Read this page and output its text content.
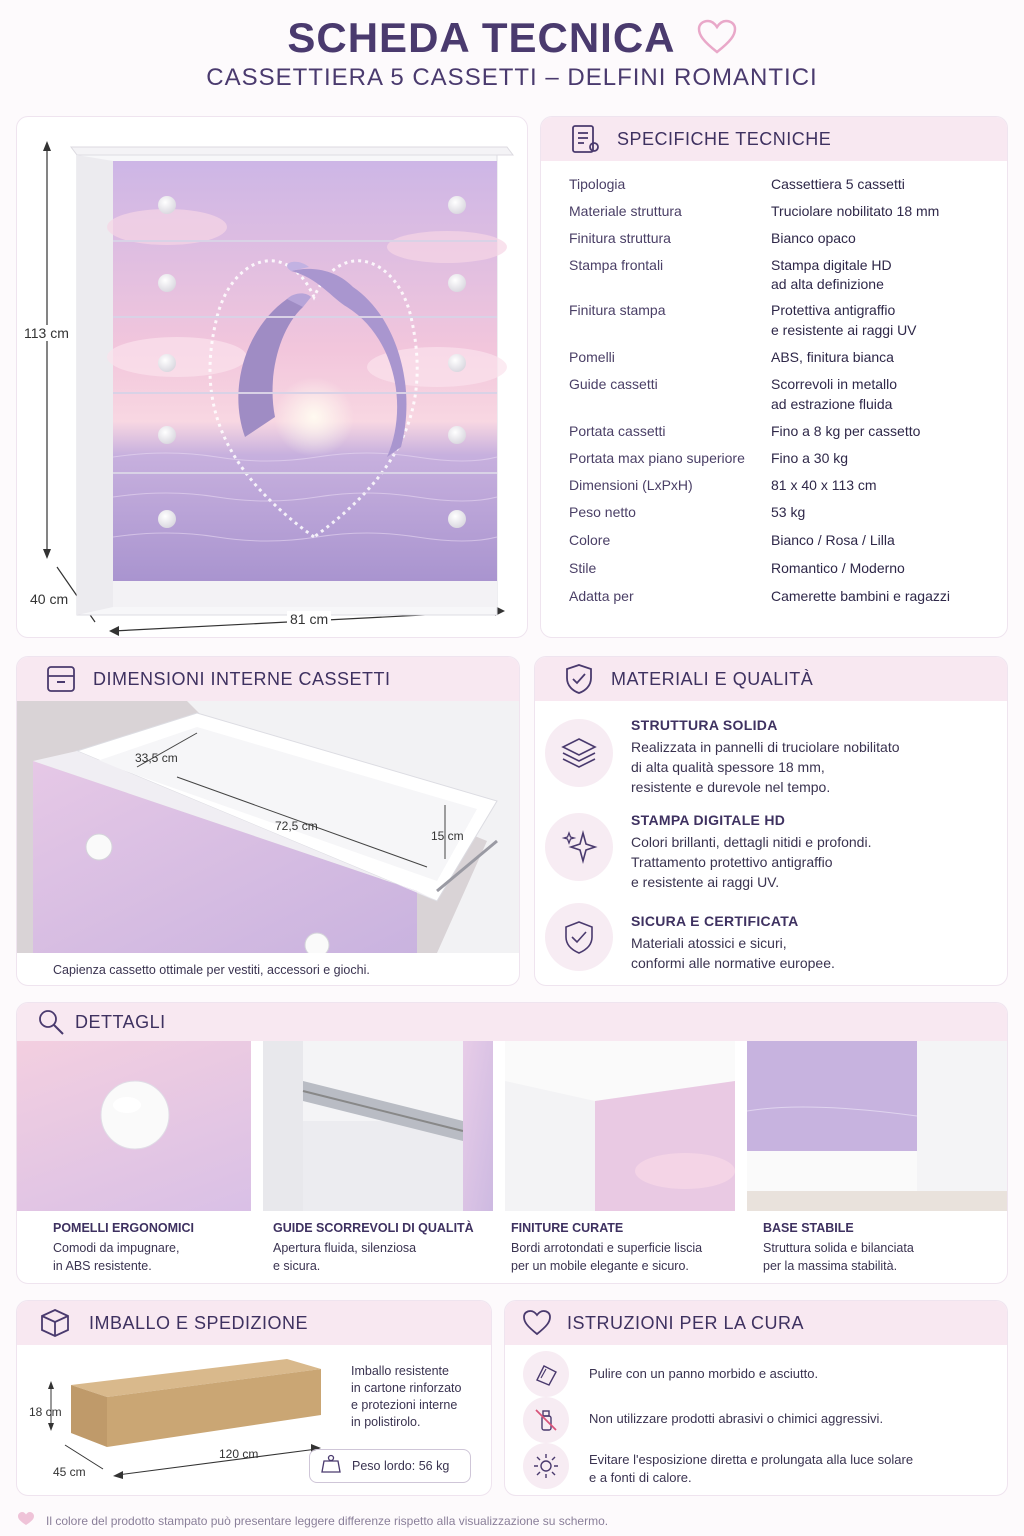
SCHEDA TECNICA
CASSETTIERA 5 CASSETTI – DELFINI ROMANTICI
113 cm
40 cm
81 cm
SPECIFICHE TECNICHE
Tipologia	Cassettiera 5 cassetti
Materiale struttura	Truciolare nobilitato 18 mm
Finitura struttura	Bianco opaco
Stampa frontali	Stampa digitale HD
ad alta definizione
Finitura stampa	Protettiva antigraffio
e resistente ai raggi UV
Pomelli	ABS, finitura bianca
Guide cassetti	Scorrevoli in metallo
ad estrazione fluida
Portata cassetti	Fino a 8 kg per cassetto
Portata max piano superiore	Fino a 30 kg
Dimensioni (LxPxH)	81 x 40 x 113 cm
Peso netto	53 kg
Colore	Bianco / Rosa / Lilla
Stile	Romantico / Moderno
Adatta per	Camerette bambini e ragazzi
DIMENSIONI INTERNE CASSETTI
33,5 cm
72,5 cm
15 cm
Capienza cassetto ottimale per vestiti, accessori e giochi.
MATERIALI E QUALITÀ
STRUTTURA SOLIDA
Realizzata in pannelli di truciolare nobilitato
di alta qualità spessore 18 mm,
resistente e durevole nel tempo.
STAMPA DIGITALE HD
Colori brillanti, dettagli nitidi e profondi.
Trattamento protettivo antigraffio
e resistente ai raggi UV.
SICURA E CERTIFICATA
Materiali atossici e sicuri,
conformi alle normative europee.
DETTAGLI
POMELLI ERGONOMICI
Comodi da impugnare,
in ABS resistente.
GUIDE SCORREVOLI DI QUALITÀ
Apertura fluida, silenziosa
e sicura.
FINITURE CURATE
Bordi arrotondati e superficie liscia
per un mobile elegante e sicuro.
BASE STABILE
Struttura solida e bilanciata
per la massima stabilità.
IMBALLO E SPEDIZIONE
18 cm
45 cm
120 cm
Imballo resistente
in cartone rinforzato
e protezioni interne
in polistirolo.
Peso lordo: 56 kg
ISTRUZIONI PER LA CURA
Pulire con un panno morbido e asciutto.
Non utilizzare prodotti abrasivi o chimici aggressivi.
Evitare l'esposizione diretta e prolungata alla luce solare
e a fonti di calore.
Il colore del prodotto stampato può presentare leggere differenze rispetto alla visualizzazione su schermo.
